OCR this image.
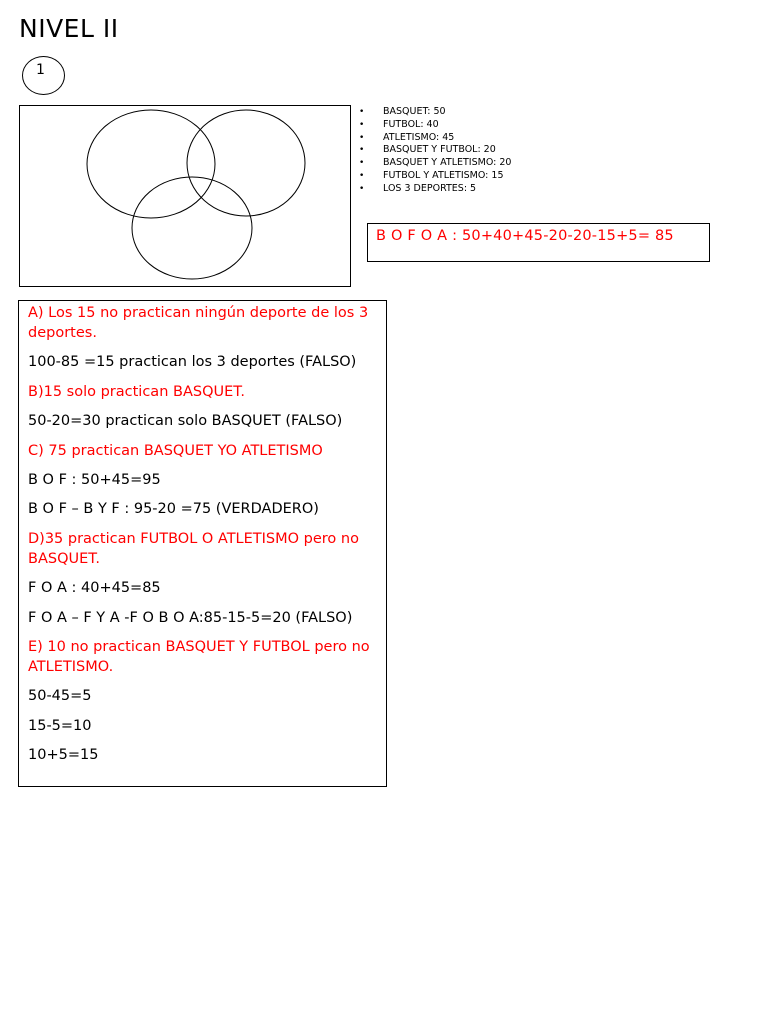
NIVEL II
1
• BASQUET: 50
• FUTBOL: 40
• ATLETISMO: 45
• BASQUET Y FUTBOL: 20
• BASQUET Y ATLETISMO: 20
• FUTBOL Y ATLETISMO: 15
• LOS 3 DEPORTES: 5
B O F O A : 50+40+45-20-20-15+5= 85

A) Los 15 no practican ningún deporte de los 3 deportes.

100-85 =15 practican los 3 deportes (FALSO)

B)15 solo practican BASQUET.

50-20=30 practican solo BASQUET (FALSO)

C) 75 practican BASQUET YO ATLETISMO

B O F : 50+45=95

B O F – B Y F : 95-20 =75 (VERDADERO)

D)35 practican FUTBOL O ATLETISMO pero no BASQUET.

F O A : 40+45=85

F O A – F Y A -F O B O A:85-15-5=20 (FALSO)

E) 10 no practican BASQUET Y FUTBOL pero no ATLETISMO.

50-45=5

15-5=10

10+5=15
